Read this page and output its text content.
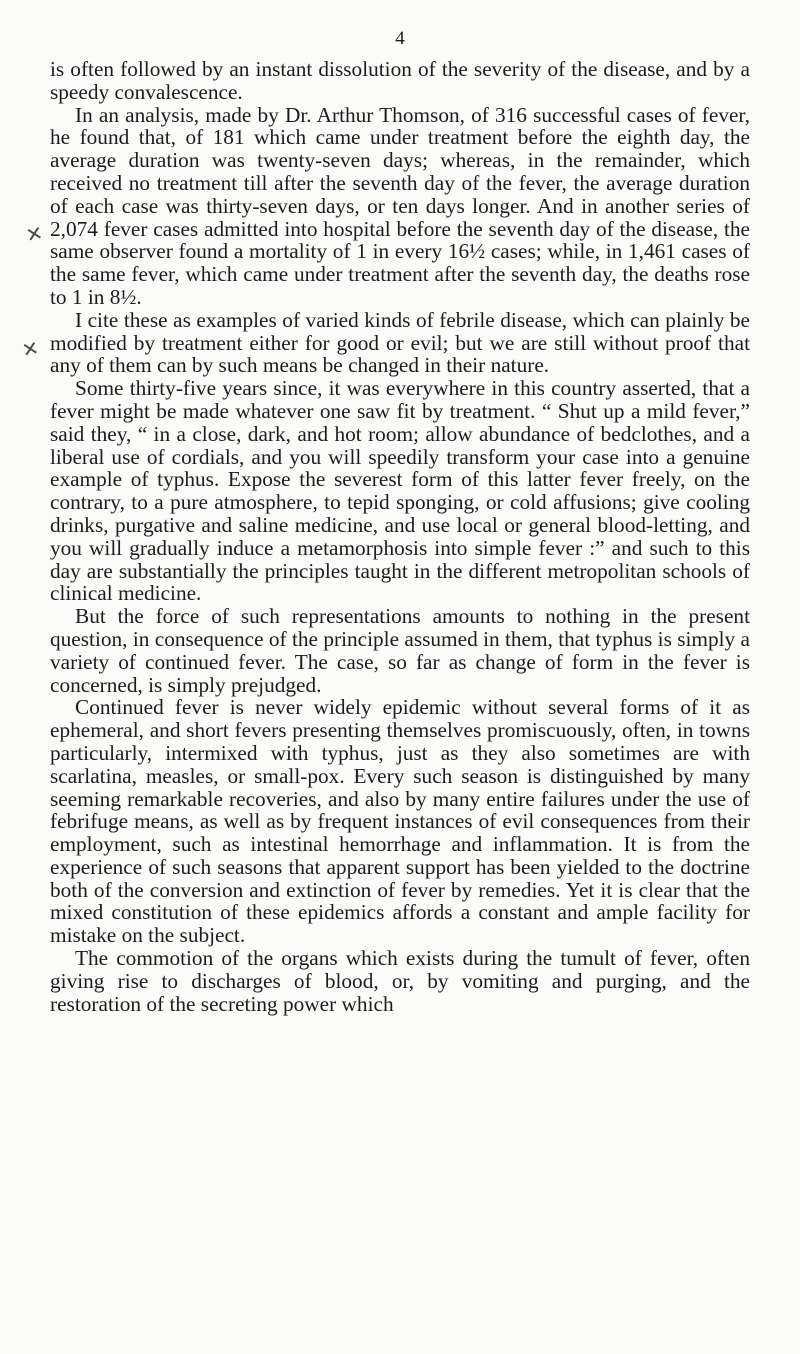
4
✕
✕

is often followed by an instant dissolution of the severity of the disease, and by a speedy convalescence.

In an analysis, made by Dr. Arthur Thomson, of 316 successful cases of fever, he found that, of 181 which came under treatment before the eighth day, the average duration was twenty-seven days; whereas, in the remainder, which received no treatment till after the seventh day of the fever, the average duration of each case was thirty-seven days, or ten days longer. And in another series of 2,074 fever cases admitted into hospital before the seventh day of the disease, the same observer found a mortality of 1 in every 16½ cases; while, in 1,461 cases of the same fever, which came under treatment after the seventh day, the deaths rose to 1 in 8½.

I cite these as examples of varied kinds of febrile disease, which can plainly be modified by treatment either for good or evil; but we are still without proof that any of them can by such means be changed in their nature.

Some thirty-five years since, it was everywhere in this country asserted, that a fever might be made whatever one saw fit by treatment. “ Shut up a mild fever,” said they, “ in a close, dark, and hot room; allow abundance of bedclothes, and a liberal use of cordials, and you will speedily transform your case into a genuine example of typhus. Expose the severest form of this latter fever freely, on the contrary, to a pure atmosphere, to tepid sponging, or cold affusions; give cooling drinks, purgative and saline medicine, and use local or general blood-letting, and you will gradually induce a metamorphosis into simple fever :” and such to this day are substantially the principles taught in the different metropolitan schools of clinical medicine.

But the force of such representations amounts to nothing in the present question, in consequence of the principle assumed in them, that typhus is simply a variety of continued fever. The case, so far as change of form in the fever is concerned, is simply prejudged.

Continued fever is never widely epidemic without several forms of it as ephemeral, and short fevers presenting themselves promiscuously, often, in towns particularly, intermixed with typhus, just as they also sometimes are with scarlatina, measles, or small-pox. Every such season is distinguished by many seeming remarkable recoveries, and also by many entire failures under the use of febrifuge means, as well as by frequent instances of evil consequences from their employment, such as intestinal hemorrhage and inflammation. It is from the experience of such seasons that apparent support has been yielded to the doctrine both of the conversion and extinction of fever by remedies. Yet it is clear that the mixed constitution of these epidemics affords a constant and ample facility for mistake on the subject.

The commotion of the organs which exists during the tumult of fever, often giving rise to discharges of blood, or, by vomiting and purging, and the restoration of the secreting power which
